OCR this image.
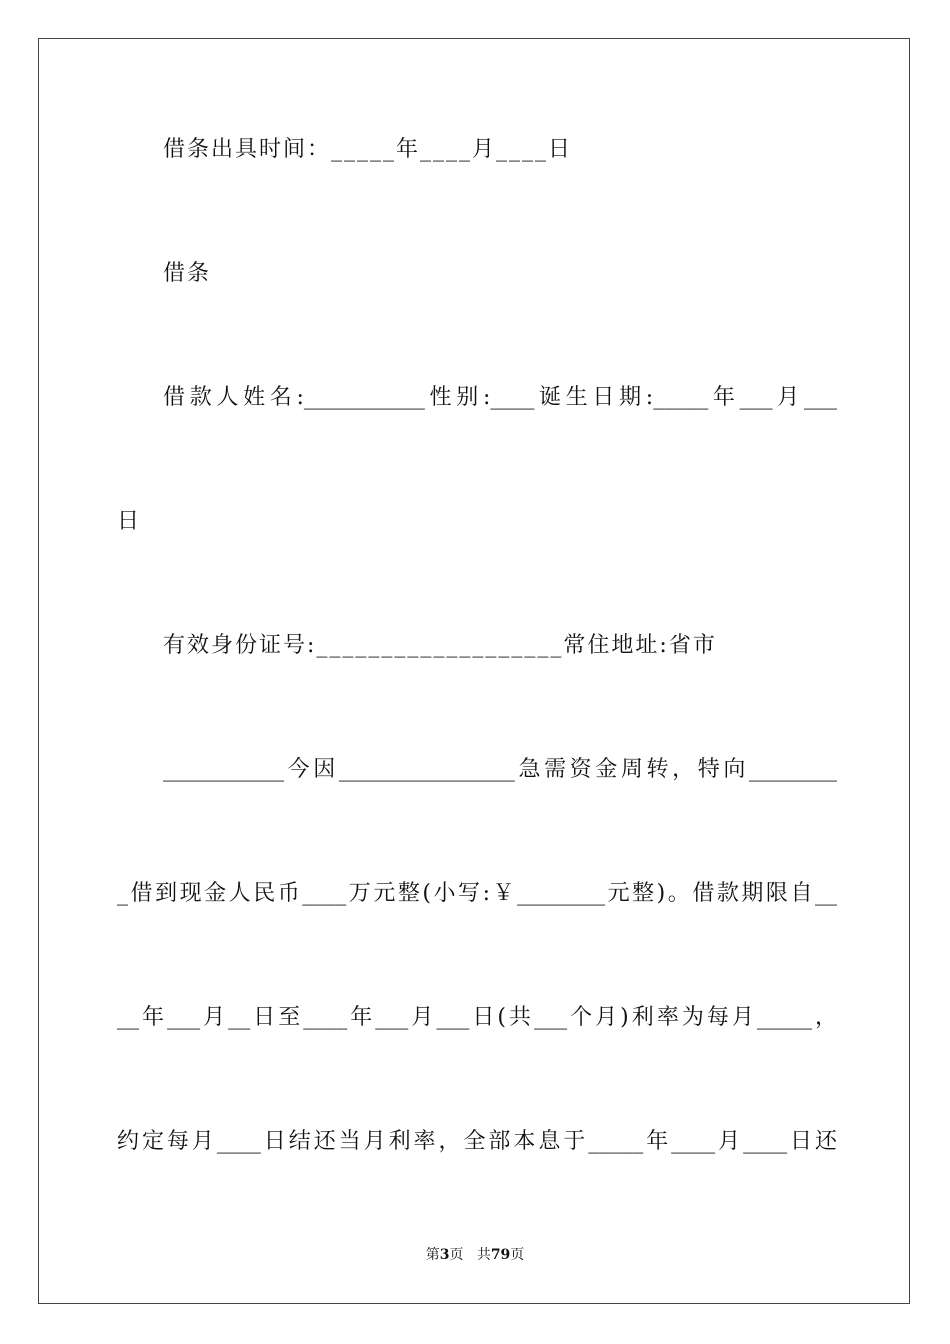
借条出具时间：_____年____月____日
借条
借款人姓名:___________性别:____诞生日期:_____年___月___
日
有效身份证号:___________________常住地址:省市
___________今因________________急需资金周转，特向________
_借到现金人民币____万元整(小写:￥________元整)。借款期限自__
__年___月__日至____年___月___日(共___个月)利率为每月_____，
约定每月____日结还当月利率，全部本息于_____年____月____日还
第3页 共79页
